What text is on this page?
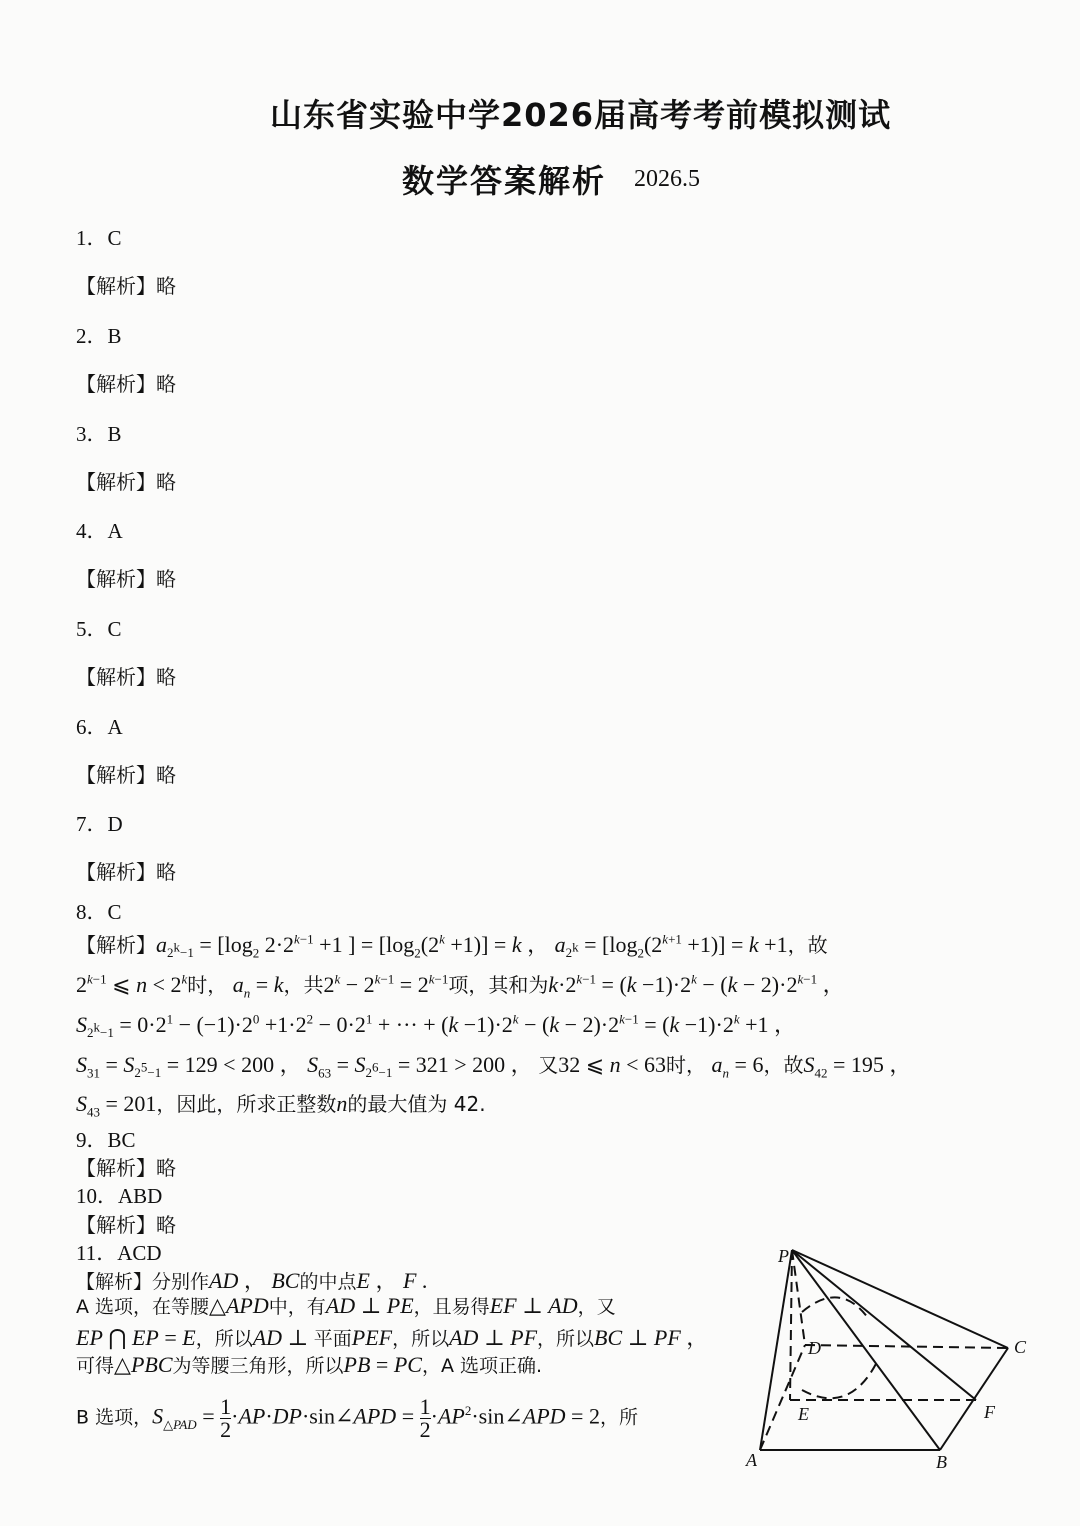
山东省实验中学2026届高考考前模拟测试
数学答案解析 2026.5
1．C
【解析】略
2．B
【解析】略
3．B
【解析】略
4．A
【解析】略
5．C
【解析】略
6．A
【解析】略
7．D
【解析】略
8．C
【解析】$a_{2^k-1} = [\log_2$ $2\cdot 2^{k-1} +1$ ] = $[\log_2(2^k +1)] = k$ ， $a_{2^k} = [\log_2(2^{k+1} +1)] = k +1$，故
$2^{k-1}$ ⩽ $n < 2^k$时， $a_n = k$，共$2^k - 2^{k-1} = 2^{k-1}$项，其和为$k\cdot 2^{k-1} = (k -1)\cdot 2^k - (k - 2)\cdot 2^{k-1}$ ，
$S_{2^k-1} = 0\cdot 2^1 - (-1)\cdot 2^0 +1\cdot 2^2 - 0\cdot 2^1$ + ··· + $(k -1)\cdot 2^k - (k - 2)\cdot 2^{k-1} = (k -1)\cdot 2^k +1$ ，
$S_{31} = S_{2^5-1} = 129 < 200$ ， $S_{63} = S_{2^6-1} = 321 > 200$ ， 又32 ⩽ n < 63时， $a_n = 6$，故$S_{42} = 195$ ，
$S_{43} = 201$，因此，所求正整数n的最大值为 42.
9．BC
【解析】略
10．ABD
【解析】略
11．ACD
【解析】分别作AD ， BC的中点E ， F .
A 选项，在等腰△APD中，有AD ⊥ PE，且易得EF ⊥ AD，又
EP ⋂ EP = E，所以AD ⊥ 平面PEF，所以AD ⊥ PF，所以BC ⊥ PF ，
可得△PBC为等腰三角形，所以PB = PC，A 选项正确.
B 选项，$S_{\triangle PAD} = 1$

2
·AP·DP·sin∠APD = 1

2
$\cdot AP^2\cdot\sin\angle APD = 2$，所
P
C
D
E	F
A	B
